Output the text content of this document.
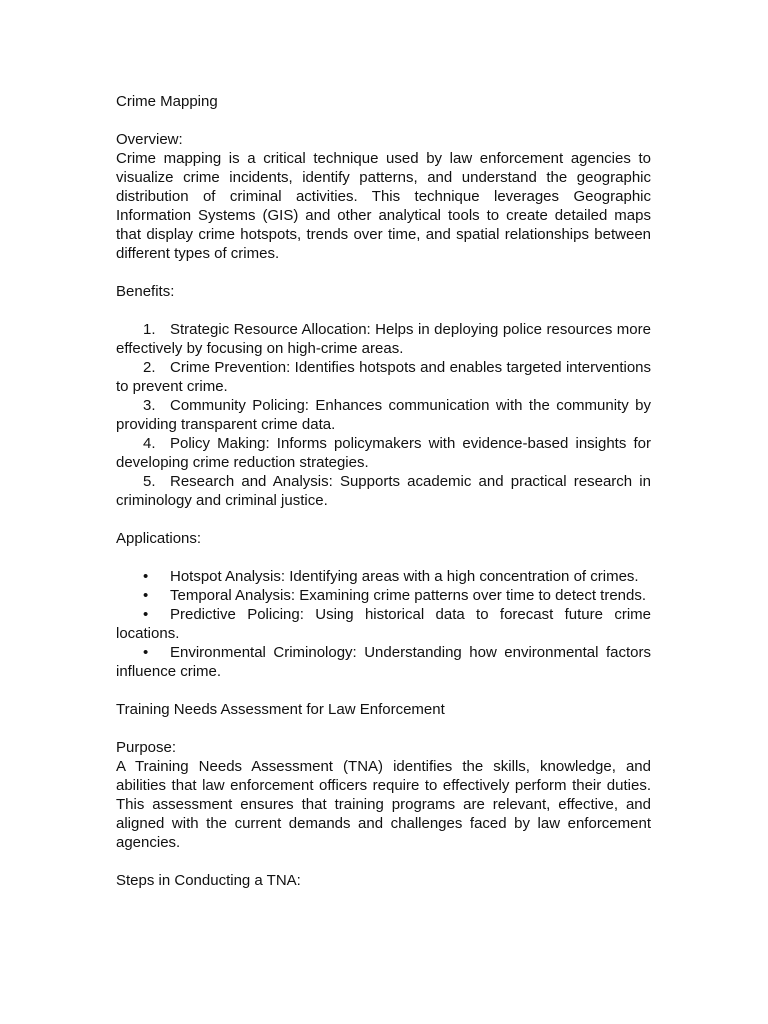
Crime Mapping

Overview:

Crime mapping is a critical technique used by law enforcement agencies to visualize crime incidents, identify patterns, and understand the geographic distribution of criminal activities. This technique leverages Geographic Information Systems (GIS) and other analytical tools to create detailed maps that display crime hotspots, trends over time, and spatial relationships between different types of crimes.

Benefits:

1. Strategic Resource Allocation: Helps in deploying police resources more effectively by focusing on high-crime areas.
2. Crime Prevention: Identifies hotspots and enables targeted interventions to prevent crime.
3. Community Policing: Enhances communication with the community by providing transparent crime data.
4. Policy Making: Informs policymakers with evidence-based insights for developing crime reduction strategies.
5. Research and Analysis: Supports academic and practical research in criminology and criminal justice.

Applications:

• Hotspot Analysis: Identifying areas with a high concentration of crimes.
• Temporal Analysis: Examining crime patterns over time to detect trends.
• Predictive Policing: Using historical data to forecast future crime locations.
• Environmental Criminology: Understanding how environmental factors influence crime.

Training Needs Assessment for Law Enforcement

Purpose:

A Training Needs Assessment (TNA) identifies the skills, knowledge, and abilities that law enforcement officers require to effectively perform their duties. This assessment ensures that training programs are relevant, effective, and aligned with the current demands and challenges faced by law enforcement agencies.

Steps in Conducting a TNA:
